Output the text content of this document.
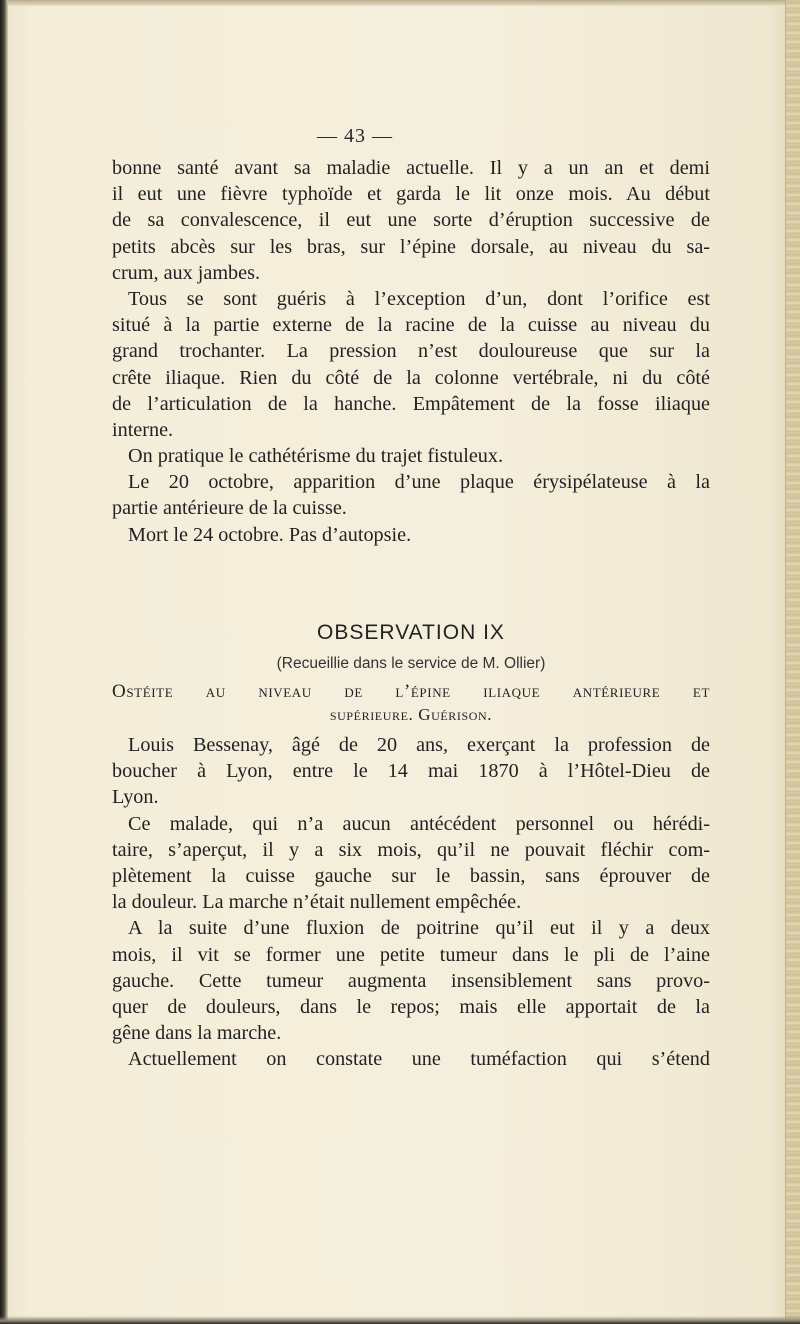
— 43 —
bonne santé avant sa maladie actuelle. Il y a un an et demi
il eut une fièvre typhoïde et garda le lit onze mois. Au début
de sa convalescence, il eut une sorte d’éruption successive de
petits abcès sur les bras, sur l’épine dorsale, au niveau du sa-
crum, aux jambes.
Tous se sont guéris à l’exception d’un, dont l’orifice est
situé à la partie externe de la racine de la cuisse au niveau du
grand trochanter. La pression n’est douloureuse que sur la
crête iliaque. Rien du côté de la colonne vertébrale, ni du côté
de l’articulation de la hanche. Empâtement de la fosse iliaque
interne.
On pratique le cathétérisme du trajet fistuleux.
Le 20 octobre, apparition d’une plaque érysipélateuse à la
partie antérieure de la cuisse.
Mort le 24 octobre. Pas d’autopsie.
OBSERVATION IX
(Recueillie dans le service de M. Ollier)
Ostéite au niveau de l’épine iliaque antérieure et
supérieure. Guérison.
Louis Bessenay, âgé de 20 ans, exerçant la profession de
boucher à Lyon, entre le 14 mai 1870 à l’Hôtel-Dieu de
Lyon.
Ce malade, qui n’a aucun antécédent personnel ou hérédi-
taire, s’aperçut, il y a six mois, qu’il ne pouvait fléchir com-
plètement la cuisse gauche sur le bassin, sans éprouver de
la douleur. La marche n’était nullement empêchée.
A la suite d’une fluxion de poitrine qu’il eut il y a deux
mois, il vit se former une petite tumeur dans le pli de l’aine
gauche. Cette tumeur augmenta insensiblement sans provo-
quer de douleurs, dans le repos; mais elle apportait de la
gêne dans la marche.
Actuellement on constate une tuméfaction qui s’étend
